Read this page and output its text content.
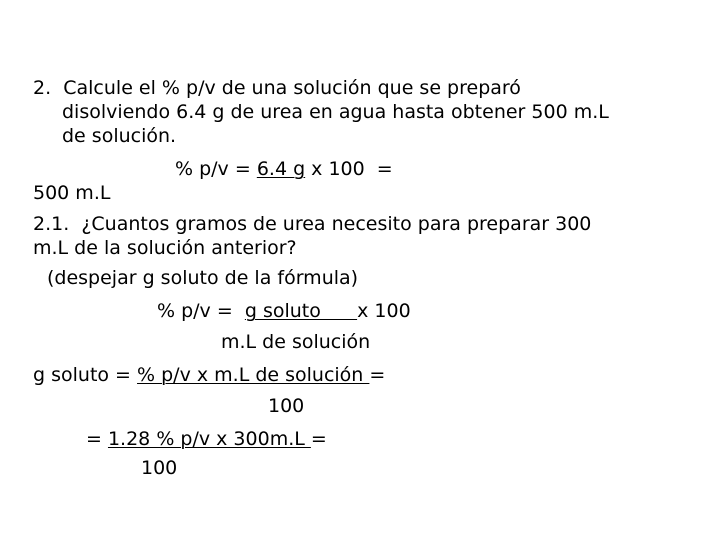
2. Calcule el % p/v de una solución que se preparó
disolviendo 6.4 g de urea en agua hasta obtener 500 m.L
de solución.
% p/v = 6.4 g x 100  =
500 m.L
2.1.  ¿Cuantos gramos de urea necesito para preparar 300
m.L de la solución anterior?
(despejar g soluto de la fórmula)
% p/v =  g soluto      x 100
m.L de solución
g soluto = % p/v x m.L de solución =
100
= 1.28 % p/v x 300m.L =
100
